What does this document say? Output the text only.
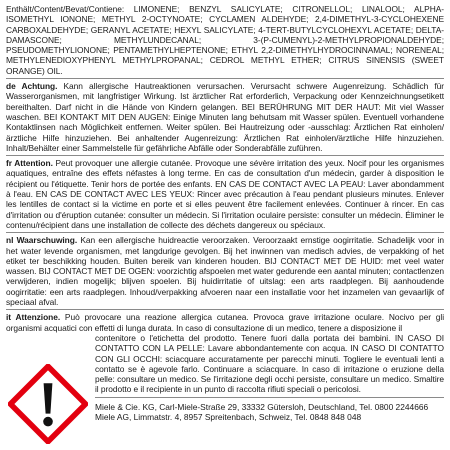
Enthält/Content/Bevat/Contiene: LIMONENE; BENZYL SALICYLATE; CITRONELLOL; LINALOOL; ALPHA-ISOMETHYL IONONE; METHYL 2-OCTYNOATE; CYCLAMEN ALDEHYDE; 2,4-DIMETHYL-3-CYCLOHEXENE CARBOXALDEHYDE; GERANYL ACETATE; HEXYL SALICYLATE; 4-TERT-BUTYLCYCLOHEXYL ACETATE; DELTA-DAMASCONE; METHYLUNDECANAL; 3-(P-CUMENYL)-2-METHYLPROPIONALDEHYDE; PSEUDOMETHYLIONONE; PENTAMETHYLHEPTENONE; ETHYL 2,2-DIMETHYLHYDROCINNAMAL; NORENEAL; METHYLENEDIOXYPHENYL METHYLPROPANAL; CEDROL METHYL ETHER; CITRUS SINENSIS (SWEET ORANGE) OIL.
de Achtung. Kann allergische Hautreaktionen verursachen. Verursacht schwere Augenreizung. Schädlich für Wasserorganismen, mit langfristiger Wirkung. Ist ärztlicher Rat erforderlich, Verpackung oder Kennzeichnungsetikett bereithalten. Darf nicht in die Hände von Kindern gelangen. BEI BERÜHRUNG MIT DER HAUT: Mit viel Wasser waschen. BEI KONTAKT MIT DEN AUGEN: Einige Minuten lang behutsam mit Wasser spülen. Eventuell vorhandene Kontaktlinsen nach Möglichkeit entfernen. Weiter spülen. Bei Hautreizung oder -ausschlag: Ärztlichen Rat einholen/ärztliche Hilfe hinzuziehen. Bei anhaltender Augenreizung: Ärztlichen Rat einholen/ärztliche Hilfe hinzuziehen. Inhalt/Behälter einer Sammelstelle für gefährliche Abfälle oder Sonderabfälle zuführen.
fr Attention. Peut provoquer une allergie cutanée. Provoque une sévère irritation des yeux. Nocif pour les organismes aquatiques, entraîne des effets néfastes à long terme. En cas de consultation d'un médecin, garder à disposition le récipient ou l'étiquette. Tenir hors de portée des enfants. EN CAS DE CONTACT AVEC LA PEAU: Laver abondamment à l'eau. EN CAS DE CONTACT AVEC LES YEUX: Rincer avec précaution à l'eau pendant plusieurs minutes. Enlever les lentilles de contact si la victime en porte et si elles peuvent être facilement enlevées. Continuer à rincer. En cas d'irritation ou d'éruption cutanée: consulter un médecin. Si l'irritation oculaire persiste: consulter un médecin. Éliminer le contenu/récipient dans une installation de collecte des déchets dangereux ou spéciaux.
nl Waarschuwing. Kan een allergische huidreactie veroorzaken. Veroorzaakt ernstige oogirritatie. Schadelijk voor in het water levende organismen, met langdurige gevolgen. Bij het inwinnen van medisch advies, de verpakking of het etiket ter beschikking houden. Buiten bereik van kinderen houden. BIJ CONTACT MET DE HUID: met veel water wassen. BIJ CONTACT MET DE OGEN: voorzichtig afspoelen met water gedurende een aantal minuten; contactlenzen verwijderen, indien mogelijk; blijven spoelen. Bij huidirritatie of uitslag: een arts raadplegen. Bij aanhoudende oogirritatie: een arts raadplegen. Inhoud/verpakking afvoeren naar een installatie voor het inzamelen van gevaarlijk of speciaal afval.
it Attenzione. Può provocare una reazione allergica cutanea. Provoca grave irritazione oculare. Nocivo per gli organismi acquatici con effetti di lunga durata. In caso di consultazione di un medico, tenere a disposizione il
contenitore o l'etichetta del prodotto. Tenere fuori dalla portata dei bambini. IN CASO DI CONTATTO CON LA PELLE: Lavare abbondantemente con acqua. IN CASO DI CONTATTO CON GLI OCCHI: sciacquare accuratamente per parecchi minuti. Togliere le eventuali lenti a contatto se è agevole farlo. Continuare a sciacquare. In caso di irritazione o eruzione della pelle: consultare un medico. Se l'irritazione degli occhi persiste, consultare un medico. Smaltire il prodotto e il recipiente in un punto di raccolta rifiuti speciali o pericolosi.
Miele & Cie. KG, Carl-Miele-Straße 29, 33332 Gütersloh, Deutschland, Tel. 0800 2244666
Miele AG, Limmatstr. 4, 8957 Spreitenbach, Schweiz, Tel. 0848 848 048
